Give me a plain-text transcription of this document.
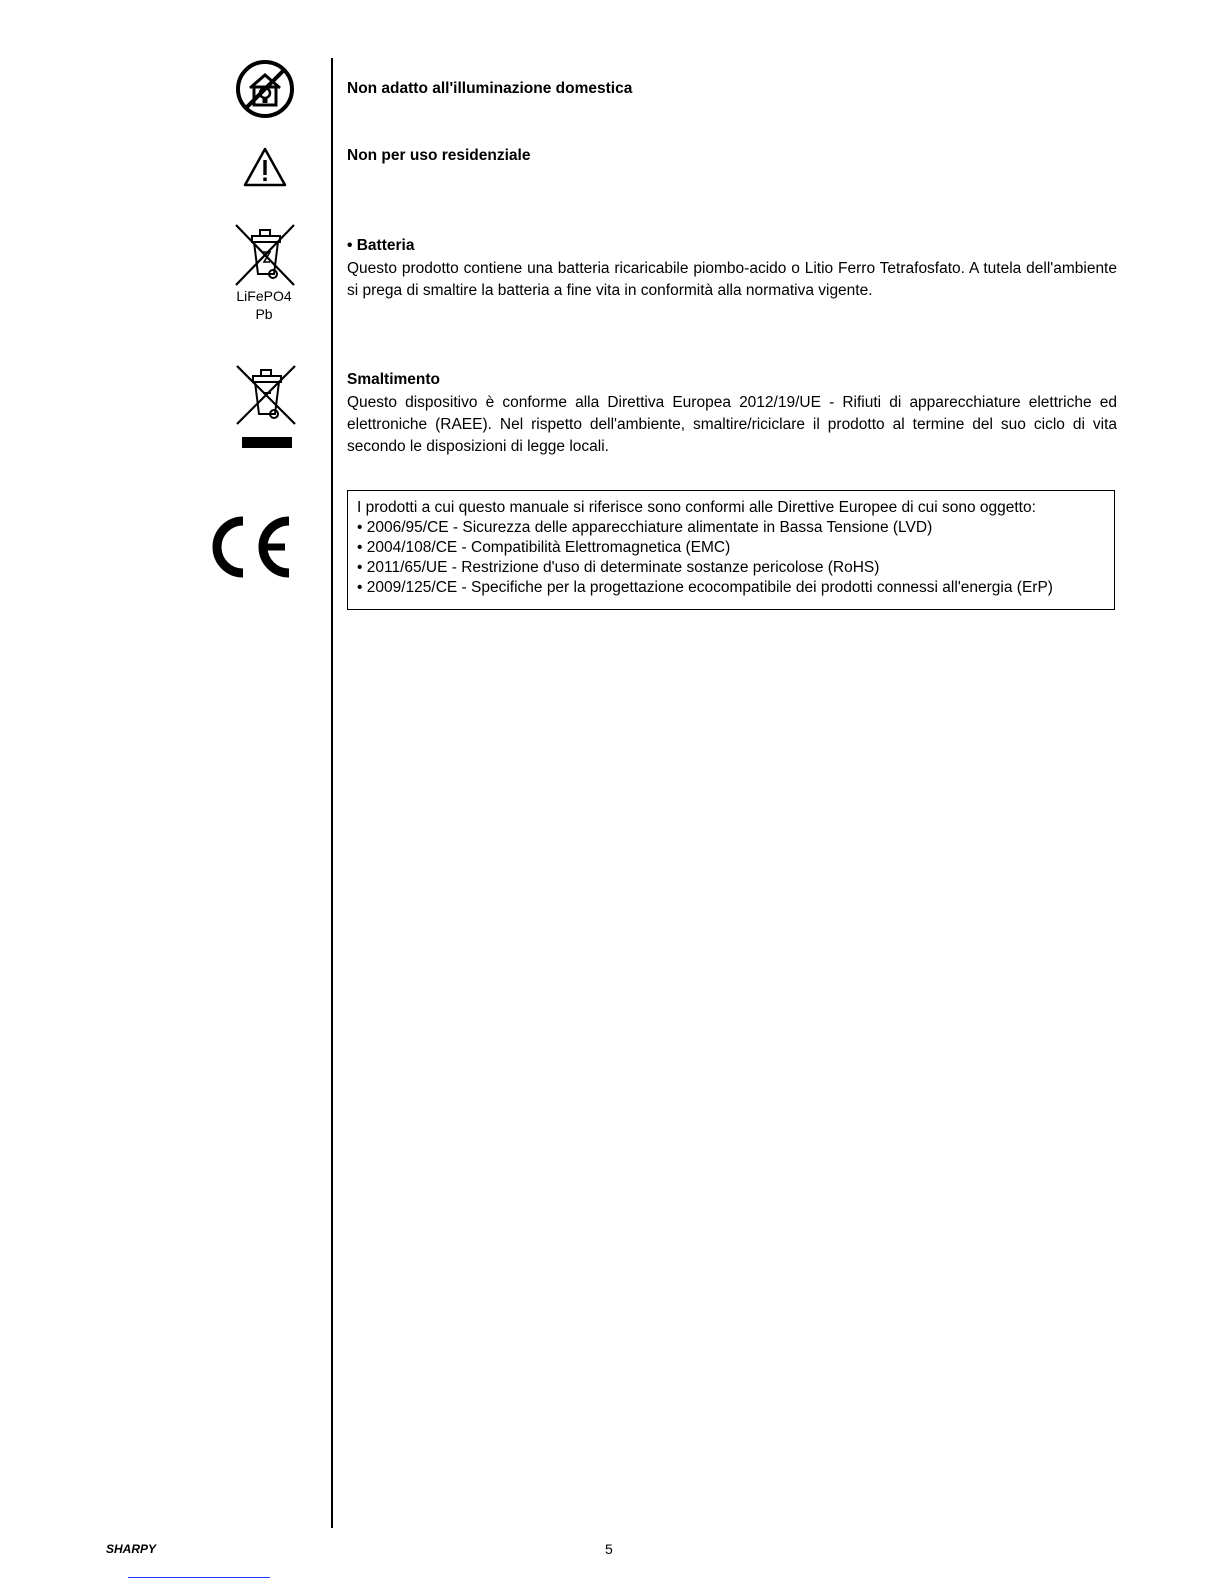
Non adatto all'illuminazione domestica
Non per uso residenziale
LiFePO4
Pb
• Batteria
Questo prodotto contiene una batteria ricaricabile piombo-acido o Litio Ferro Tetrafosfato. A tutela dell'ambiente si prega di smaltire la batteria a fine vita in conformità alla normativa vigente.
Smaltimento
Questo dispositivo è conforme alla Direttiva Europea 2012/19/UE - Rifiuti di apparecchiature elettriche ed elettroniche (RAEE). Nel rispetto dell'ambiente, smaltire/riciclare il prodotto al termine del suo ciclo di vita secondo le disposizioni di legge locali.
I prodotti a cui questo manuale si riferisce sono conformi alle Direttive Europee di cui sono oggetto:
• 2006/95/CE - Sicurezza delle apparecchiature alimentate in Bassa Tensione (LVD)
• 2004/108/CE - Compatibilità Elettromagnetica (EMC)
• 2011/65/UE - Restrizione d'uso di determinate sostanze pericolose (RoHS)
• 2009/125/CE - Specifiche per la progettazione ecocompatibile dei prodotti connessi all'energia (ErP)
SHARPY	5
